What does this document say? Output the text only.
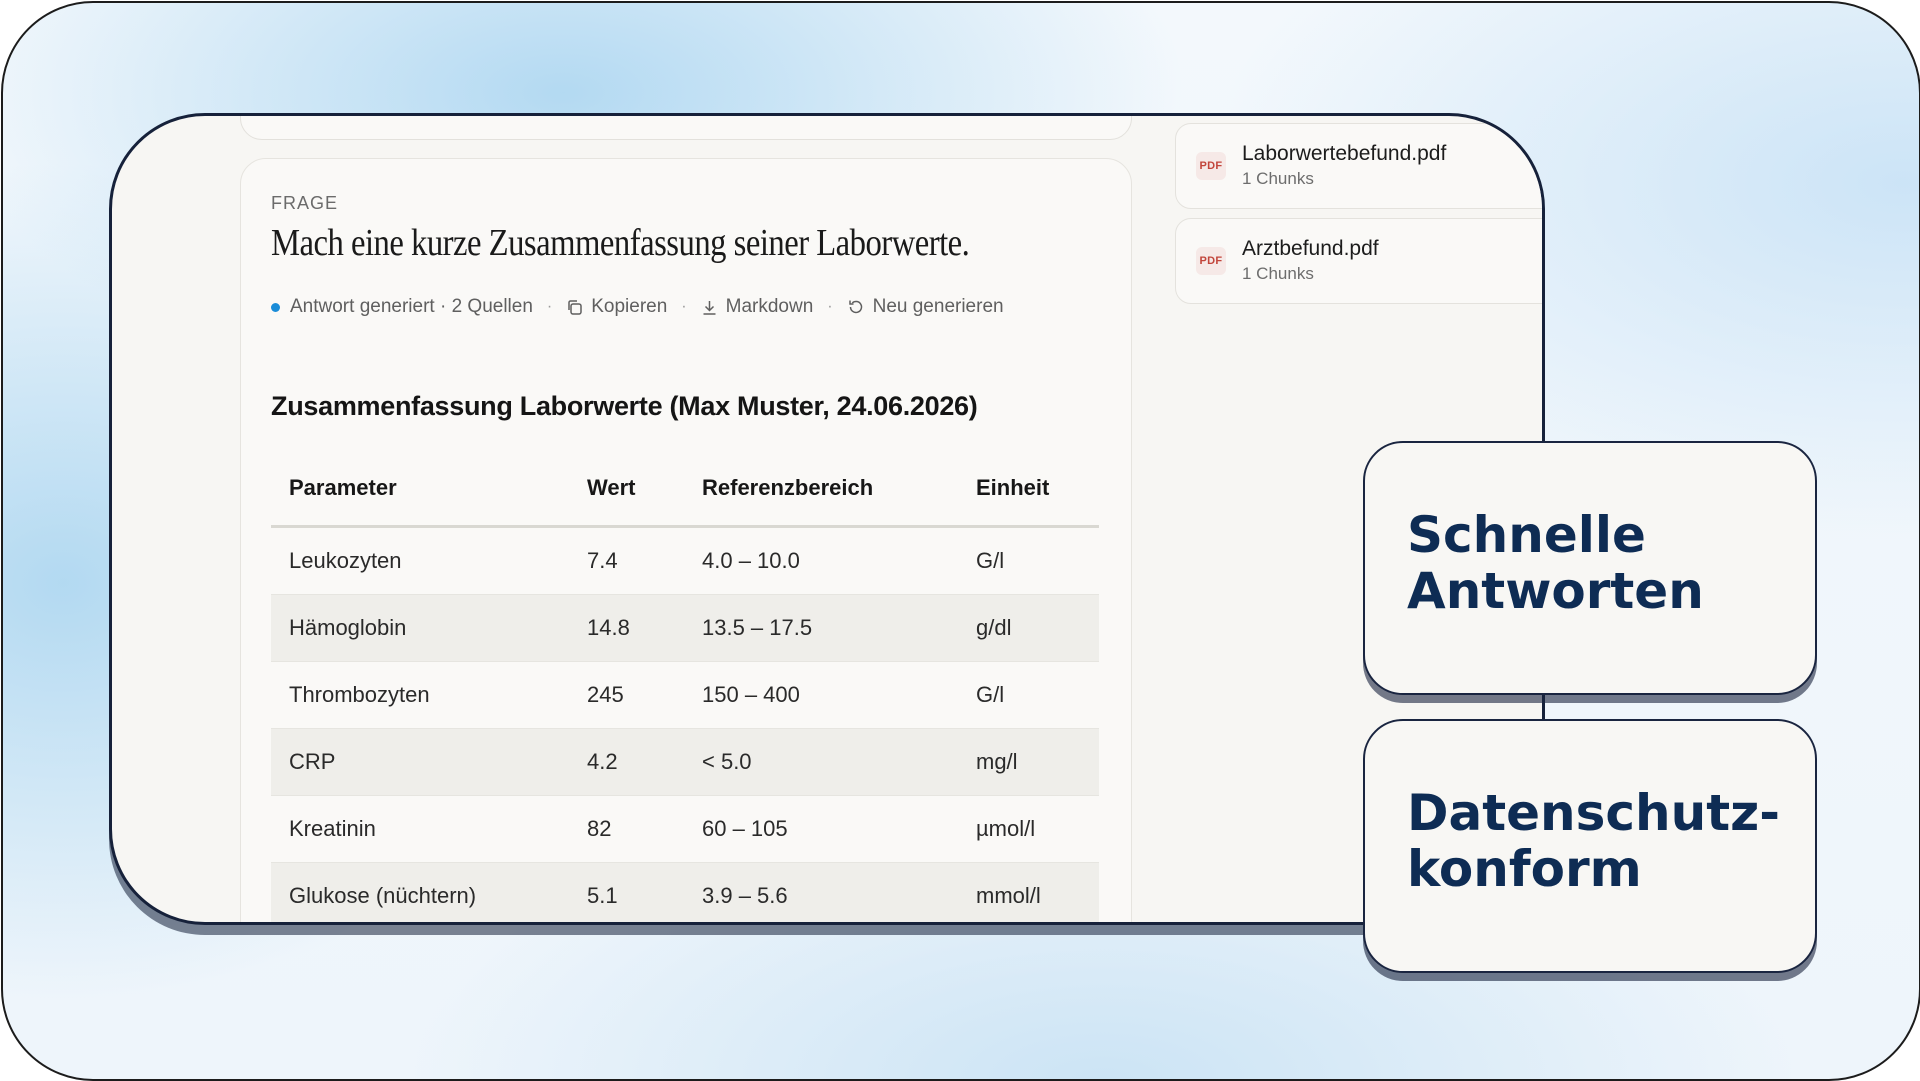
FRAGE
Mach eine kurze Zusammenfassung seiner Laborwerte.
Antwort generiert · 2 Quellen · Kopieren · Markdown · Neu generieren
Zusammenfassung Laborwerte (Max Muster, 24.06.2026)
Parameter	Wert	Referenzbereich	Einheit
Leukozyten	7.4	4.0 – 10.0	G/l
Hämoglobin	14.8	13.5 – 17.5	g/dl
Thrombozyten	245	150 – 400	G/l
CRP	4.2	< 5.0	mg/l
Kreatinin	82	60 – 105	µmol/l
Glukose (nüchtern)	5.1	3.9 – 5.6	mmol/l
PDF
Laborwertebefund.pdf
1 Chunks
PDF
Arztbefund.pdf
1 Chunks
Schnelle
Antworten
Datenschutz-
konform
